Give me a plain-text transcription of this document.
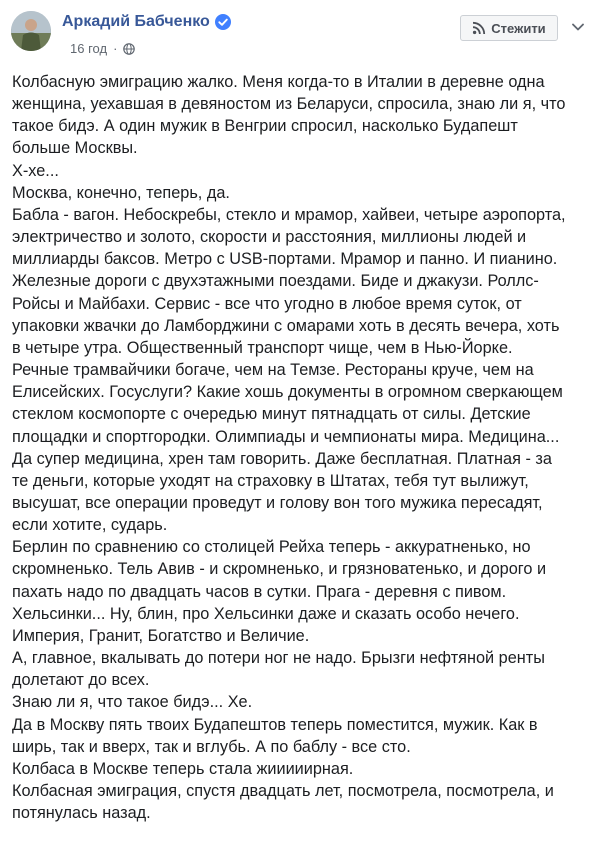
Аркадий Бабченко
16 год ·
Стежити

Колбасную эмиграцию жалко. Меня когда-то в Италии в деревне одна

женщина, уехавшая в девяностом из Беларуси, спросила, знаю ли я, что

такое бидэ. А один мужик в Венгрии спросил, насколько Будапешт

больше Москвы.

Х-хе...

Москва, конечно, теперь, да.

Бабла - вагон. Небоскребы, стекло и мрамор, хайвеи, четыре аэропорта,

электричество и золото, скорости и расстояния, миллионы людей и

миллиарды баксов. Метро с USB-портами. Мрамор и панно. И пианино.

Железные дороги с двухэтажными поездами. Биде и джакузи. Роллс-

Ройсы и Майбахи. Сервис - все что угодно в любое время суток, от

упаковки жвачки до Ламборджини с омарами хоть в десять вечера, хоть

в четыре утра. Общественный транспорт чище, чем в Нью-Йорке.

Речные трамвайчики богаче, чем на Темзе. Рестораны круче, чем на

Елисейских. Госуслуги? Какие хошь документы в огромном сверкающем

стеклом космопорте с очередью минут пятнадцать от силы. Детские

площадки и спортгородки. Олимпиады и чемпионаты мира. Медицина...

Да супер медицина, хрен там говорить. Даже бесплатная. Платная - за

те деньги, которые уходят на страховку в Штатах, тебя тут вылижут,

высушат, все операции проведут и голову вон того мужика пересадят,

если хотите, сударь.

Берлин по сравнению со столицей Рейха теперь - аккуратненько, но

скромненько. Тель Авив - и скромненько, и грязноватенько, и дорого и

пахать надо по двадцать часов в сутки. Прага - деревня с пивом.

Хельсинки... Ну, блин, про Хельсинки даже и сказать особо нечего.

Империя, Гранит, Богатство и Величие.

А, главное, вкалывать до потери ног не надо. Брызги нефтяной ренты

долетают до всех.

Знаю ли я, что такое бидэ... Хе.

Да в Москву пять твоих Будапештов теперь поместится, мужик. Как в

ширь, так и вверх, так и вглубь. А по баблу - все сто.

Колбаса в Москве теперь стала жииииирная.

Колбасная эмиграция, спустя двадцать лет, посмотрела, посмотрела, и

потянулась назад.
